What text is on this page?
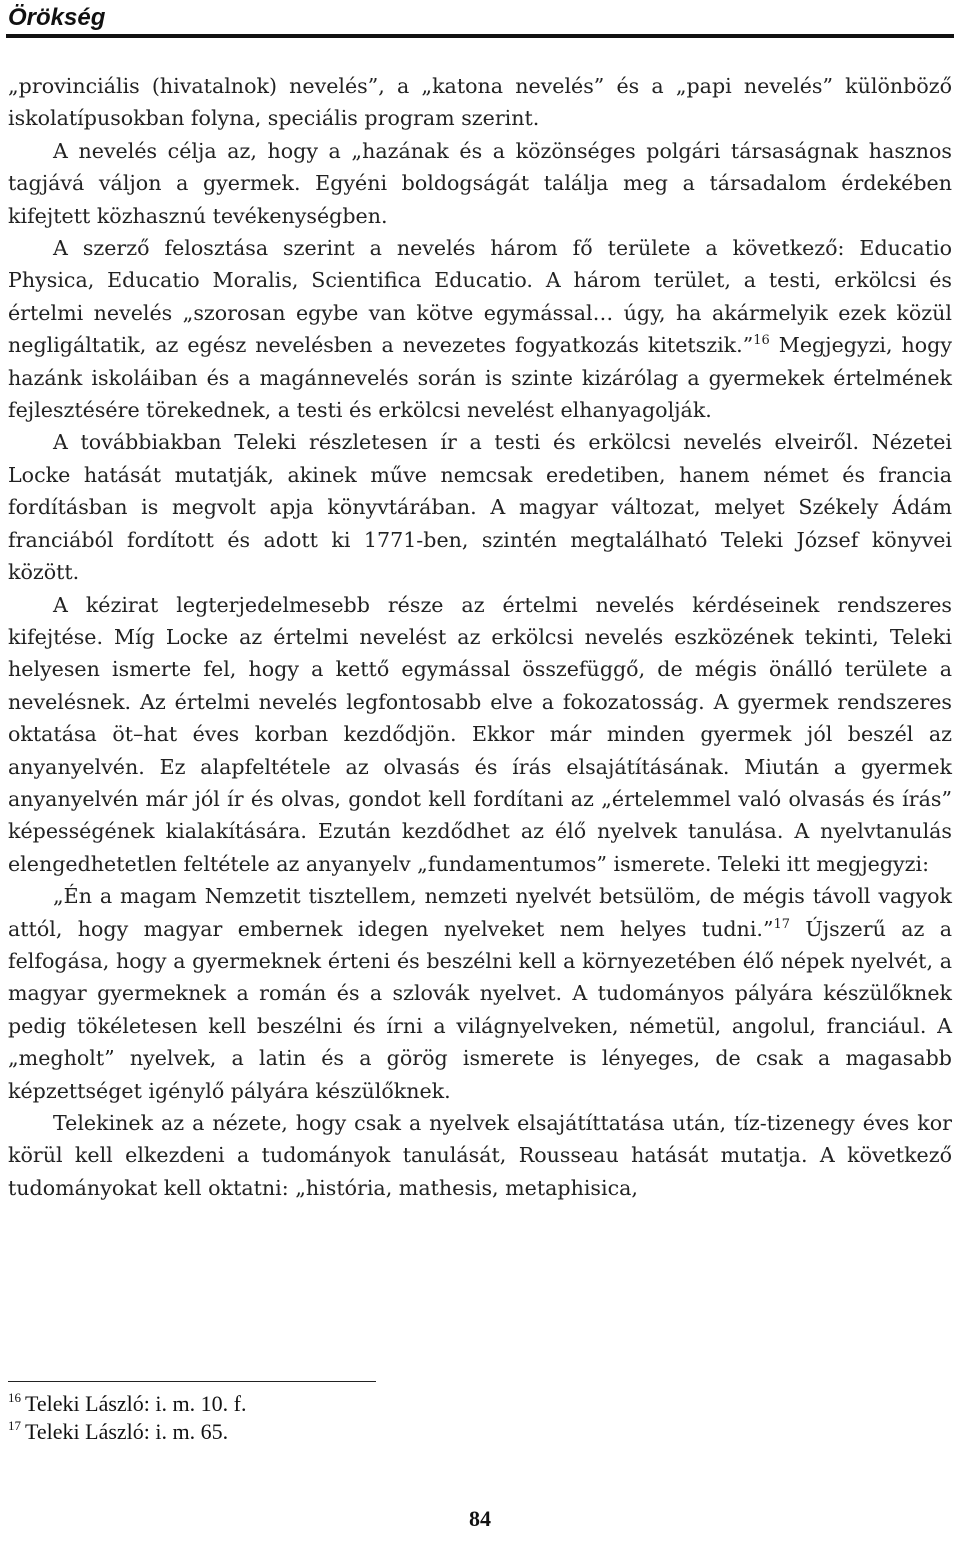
Örökség

„provinciális (hivatalnok) nevelés”, a „katona nevelés” és a „papi nevelés” különböző iskolatípusokban folyna, speciális program szerint.

A nevelés célja az, hogy a „hazának és a közönséges polgári társaságnak hasznos tagjává váljon a gyermek. Egyéni boldogságát találja meg a társadalom érdekében kifejtett közhasznú tevékenységben.

A szerző felosztása szerint a nevelés három fő területe a következő: Educatio Physica, Educatio Moralis, Scientifica Educatio. A három terület, a testi, erkölcsi és értelmi nevelés „szorosan egybe van kötve egymással… úgy, ha akármelyik ezek közül negligáltatik, az egész nevelésben a nevezetes fogyatkozás kitetszik.”$^{16}$ Megjegyzi, hogy hazánk iskoláiban és a magánnevelés során is szinte kizárólag a gyermekek értelmének fejlesztésére törekednek, a testi és erkölcsi nevelést elhanyagolják.

A továbbiakban Teleki részletesen ír a testi és erkölcsi nevelés elveiről. Nézetei Locke hatását mutatják, akinek műve nemcsak eredetiben, hanem német és francia fordításban is megvolt apja könyvtárában. A magyar változat, melyet Székely Ádám franciából fordított és adott ki 1771-ben, szintén megtalálható Teleki József könyvei között.

A kézirat legterjedelmesebb része az értelmi nevelés kérdéseinek rendszeres kifejtése. Míg Locke az értelmi nevelést az erkölcsi nevelés eszközének tekinti, Teleki helyesen ismerte fel, hogy a kettő egymással összefüggő, de mégis önálló területe a nevelésnek. Az értelmi nevelés legfontosabb elve a fokozatosság. A gyermek rendszeres oktatása öt–hat éves korban kezdődjön. Ekkor már minden gyermek jól beszél az anyanyelvén. Ez alapfeltétele az olvasás és írás elsajátításának. Miután a gyermek anyanyelvén már jól ír és olvas, gondot kell fordítani az „értelemmel való olvasás és írás” képességének kialakítására. Ezután kezdődhet az élő nyelvek tanulása. A nyelvtanulás elengedhetetlen feltétele az anyanyelv „fundamentumos” ismerete. Teleki itt megjegyzi:

„Én a magam Nemzetit tisztellem, nemzeti nyelvét betsülöm, de mégis távoll vagyok attól, hogy magyar embernek idegen nyelveket nem helyes tudni.”$^{17}$ Újszerű az a felfogása, hogy a gyermeknek érteni és beszélni kell a környezetében élő népek nyelvét, a magyar gyermeknek a román és a szlovák nyelvet. A tudományos pályára készülőknek pedig tökéletesen kell beszélni és írni a világnyelveken, németül, angolul, franciául. A „megholt” nyelvek, a latin és a görög ismerete is lényeges, de csak a magasabb képzettséget igénylő pályára készülőknek.

Telekinek az a nézete, hogy csak a nyelvek elsajátíttatása után, tíz-tizenegy éves kor körül kell elkezdeni a tudományok tanulását, Rousseau hatását mutatja. A következő tudományokat kell oktatni: „história, mathesis, metaphisica,

$^{16}$ Teleki László: i. m. 10. f.
$^{17}$ Teleki László: i. m. 65.
84
